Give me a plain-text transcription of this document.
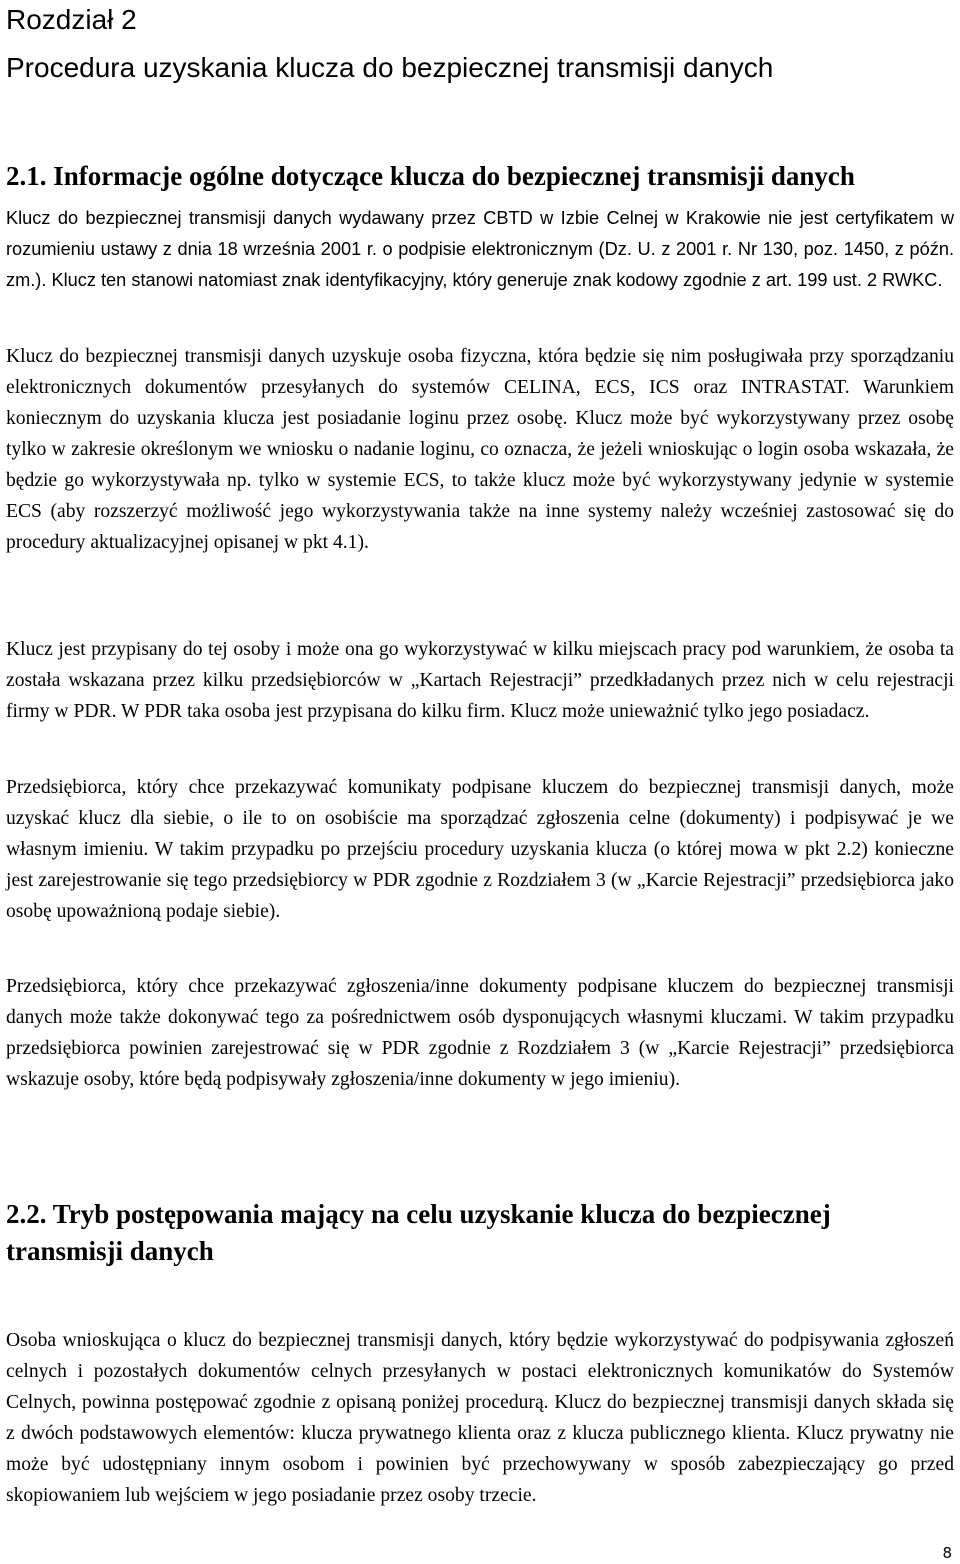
Rozdział 2
Procedura uzyskania klucza do bezpiecznej transmisji danych
2.1. Informacje ogólne dotyczące klucza do bezpiecznej transmisji danych

Klucz do bezpiecznej transmisji danych wydawany przez CBTD w Izbie Celnej w Krakowie nie jest certyfikatem w rozumieniu ustawy z dnia 18 września 2001 r. o podpisie elektronicznym (Dz. U. z 2001 r. Nr 130, poz. 1450, z późn. zm.). Klucz ten stanowi natomiast znak identyfikacyjny, który generuje znak kodowy zgodnie z art. 199 ust. 2 RWKC.

Klucz do bezpiecznej transmisji danych uzyskuje osoba fizyczna, która będzie się nim posługiwała przy sporządzaniu elektronicznych dokumentów przesyłanych do systemów CELINA, ECS, ICS oraz INTRASTAT. Warunkiem koniecznym do uzyskania klucza jest posiadanie loginu przez osobę. Klucz może być wykorzystywany przez osobę tylko w zakresie określonym we wniosku o nadanie loginu, co oznacza, że jeżeli wnioskując o login osoba wskazała, że będzie go wykorzystywała np. tylko w systemie ECS, to także klucz może być wykorzystywany jedynie w systemie ECS (aby rozszerzyć możliwość jego wykorzystywania także na inne systemy należy wcześniej zastosować się do procedury aktualizacyjnej opisanej w pkt 4.1).

Klucz jest przypisany do tej osoby i może ona go wykorzystywać w kilku miejscach pracy pod warunkiem, że osoba ta została wskazana przez kilku przedsiębiorców w „Kartach Rejestracji” przedkładanych przez nich w celu rejestracji firmy w PDR. W PDR taka osoba jest przypisana do kilku firm. Klucz może unieważnić tylko jego posiadacz.

Przedsiębiorca, który chce przekazywać komunikaty podpisane kluczem do bezpiecznej transmisji danych, może uzyskać klucz dla siebie, o ile to on osobiście ma sporządzać zgłoszenia celne (dokumenty) i podpisywać je we własnym imieniu. W takim przypadku po przejściu procedury uzyskania klucza (o której mowa w pkt 2.2) konieczne jest zarejestrowanie się tego przedsiębiorcy w PDR zgodnie z Rozdziałem 3 (w „Karcie Rejestracji” przedsiębiorca jako osobę upoważnioną podaje siebie).

Przedsiębiorca, który chce przekazywać zgłoszenia/inne dokumenty podpisane kluczem do bezpiecznej transmisji danych może także dokonywać tego za pośrednictwem osób dysponujących własnymi kluczami. W takim przypadku przedsiębiorca powinien zarejestrować się w PDR zgodnie z Rozdziałem 3 (w „Karcie Rejestracji” przedsiębiorca wskazuje osoby, które będą podpisywały zgłoszenia/inne dokumenty w jego imieniu).

2.2. Tryb postępowania mający na celu uzyskanie klucza do bezpiecznej transmisji danych

Osoba wnioskująca o klucz do bezpiecznej transmisji danych, który będzie wykorzystywać do podpisywania zgłoszeń celnych i pozostałych dokumentów celnych przesyłanych w postaci elektronicznych komunikatów do Systemów Celnych, powinna postępować zgodnie z opisaną poniżej procedurą. Klucz do bezpiecznej transmisji danych składa się z dwóch podstawowych elementów: klucza prywatnego klienta oraz z klucza publicznego klienta. Klucz prywatny nie może być udostępniany innym osobom i powinien być przechowywany w sposób zabezpieczający go przed skopiowaniem lub wejściem w jego posiadanie przez osoby trzecie.

8
